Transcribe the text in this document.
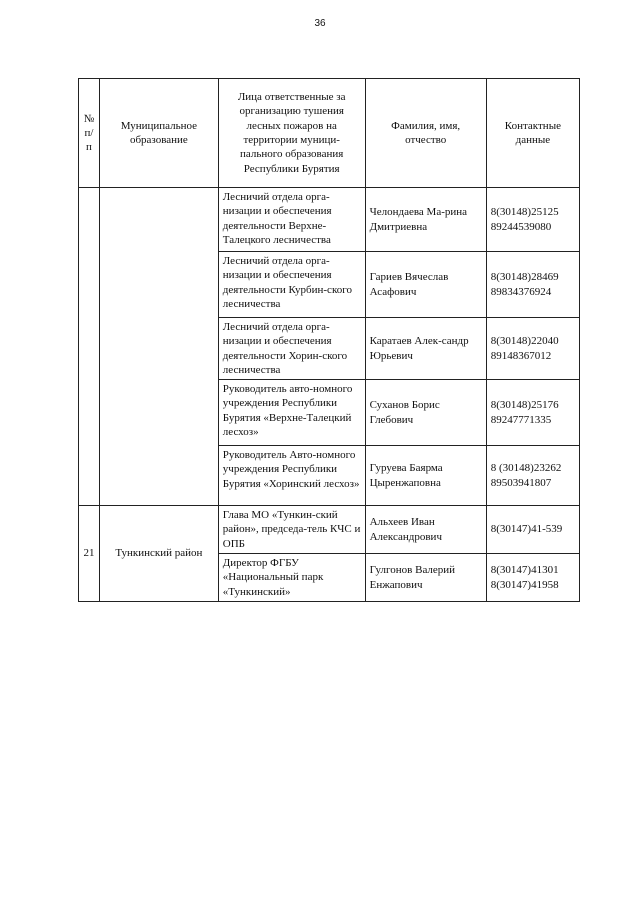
36
№ п/п	Муниципальное образование	Лица ответственные за организацию тушения лесных пожаров на территории муници-пального образования Республики Бурятия	Фамилия, имя, отчество	Контактные данные
		Лесничий отдела орга-низации и обеспечения деятельности Верхне-Талецкого лесничества	Челондаева Ма-рина Дмитриевна	8(30148)25125 89244539080
		Лесничий отдела орга-низации и обеспечения деятельности Курбин-ского лесничества	Гариев Вячеслав Асафович	8(30148)28469 89834376924
		Лесничий отдела орга-низации и обеспечения деятельности Хорин-ского лесничества	Каратаев Алек-сандр Юрьевич	8(30148)22040 89148367012
		Руководитель авто-номного учреждения Республики Бурятия «Верхне-Талецкий лесхоз»	Суханов Борис Глебович	8(30148)25176 89247771335
		Руководитель Авто-номного учреждения Республики Бурятия «Хоринский лесхоз»	Гуруева Баярма Цыренжаповна	8 (30148)23262 89503941807
21	Тункинский район	Глава МО «Тункин-ский район», председа-тель КЧС и ОПБ	Альхеев Иван Александрович	8(30147)41-539
		Директор ФГБУ «Национальный парк «Тункинский»	Гулгонов Валерий Енжапович	8(30147)41301 8(30147)41958
